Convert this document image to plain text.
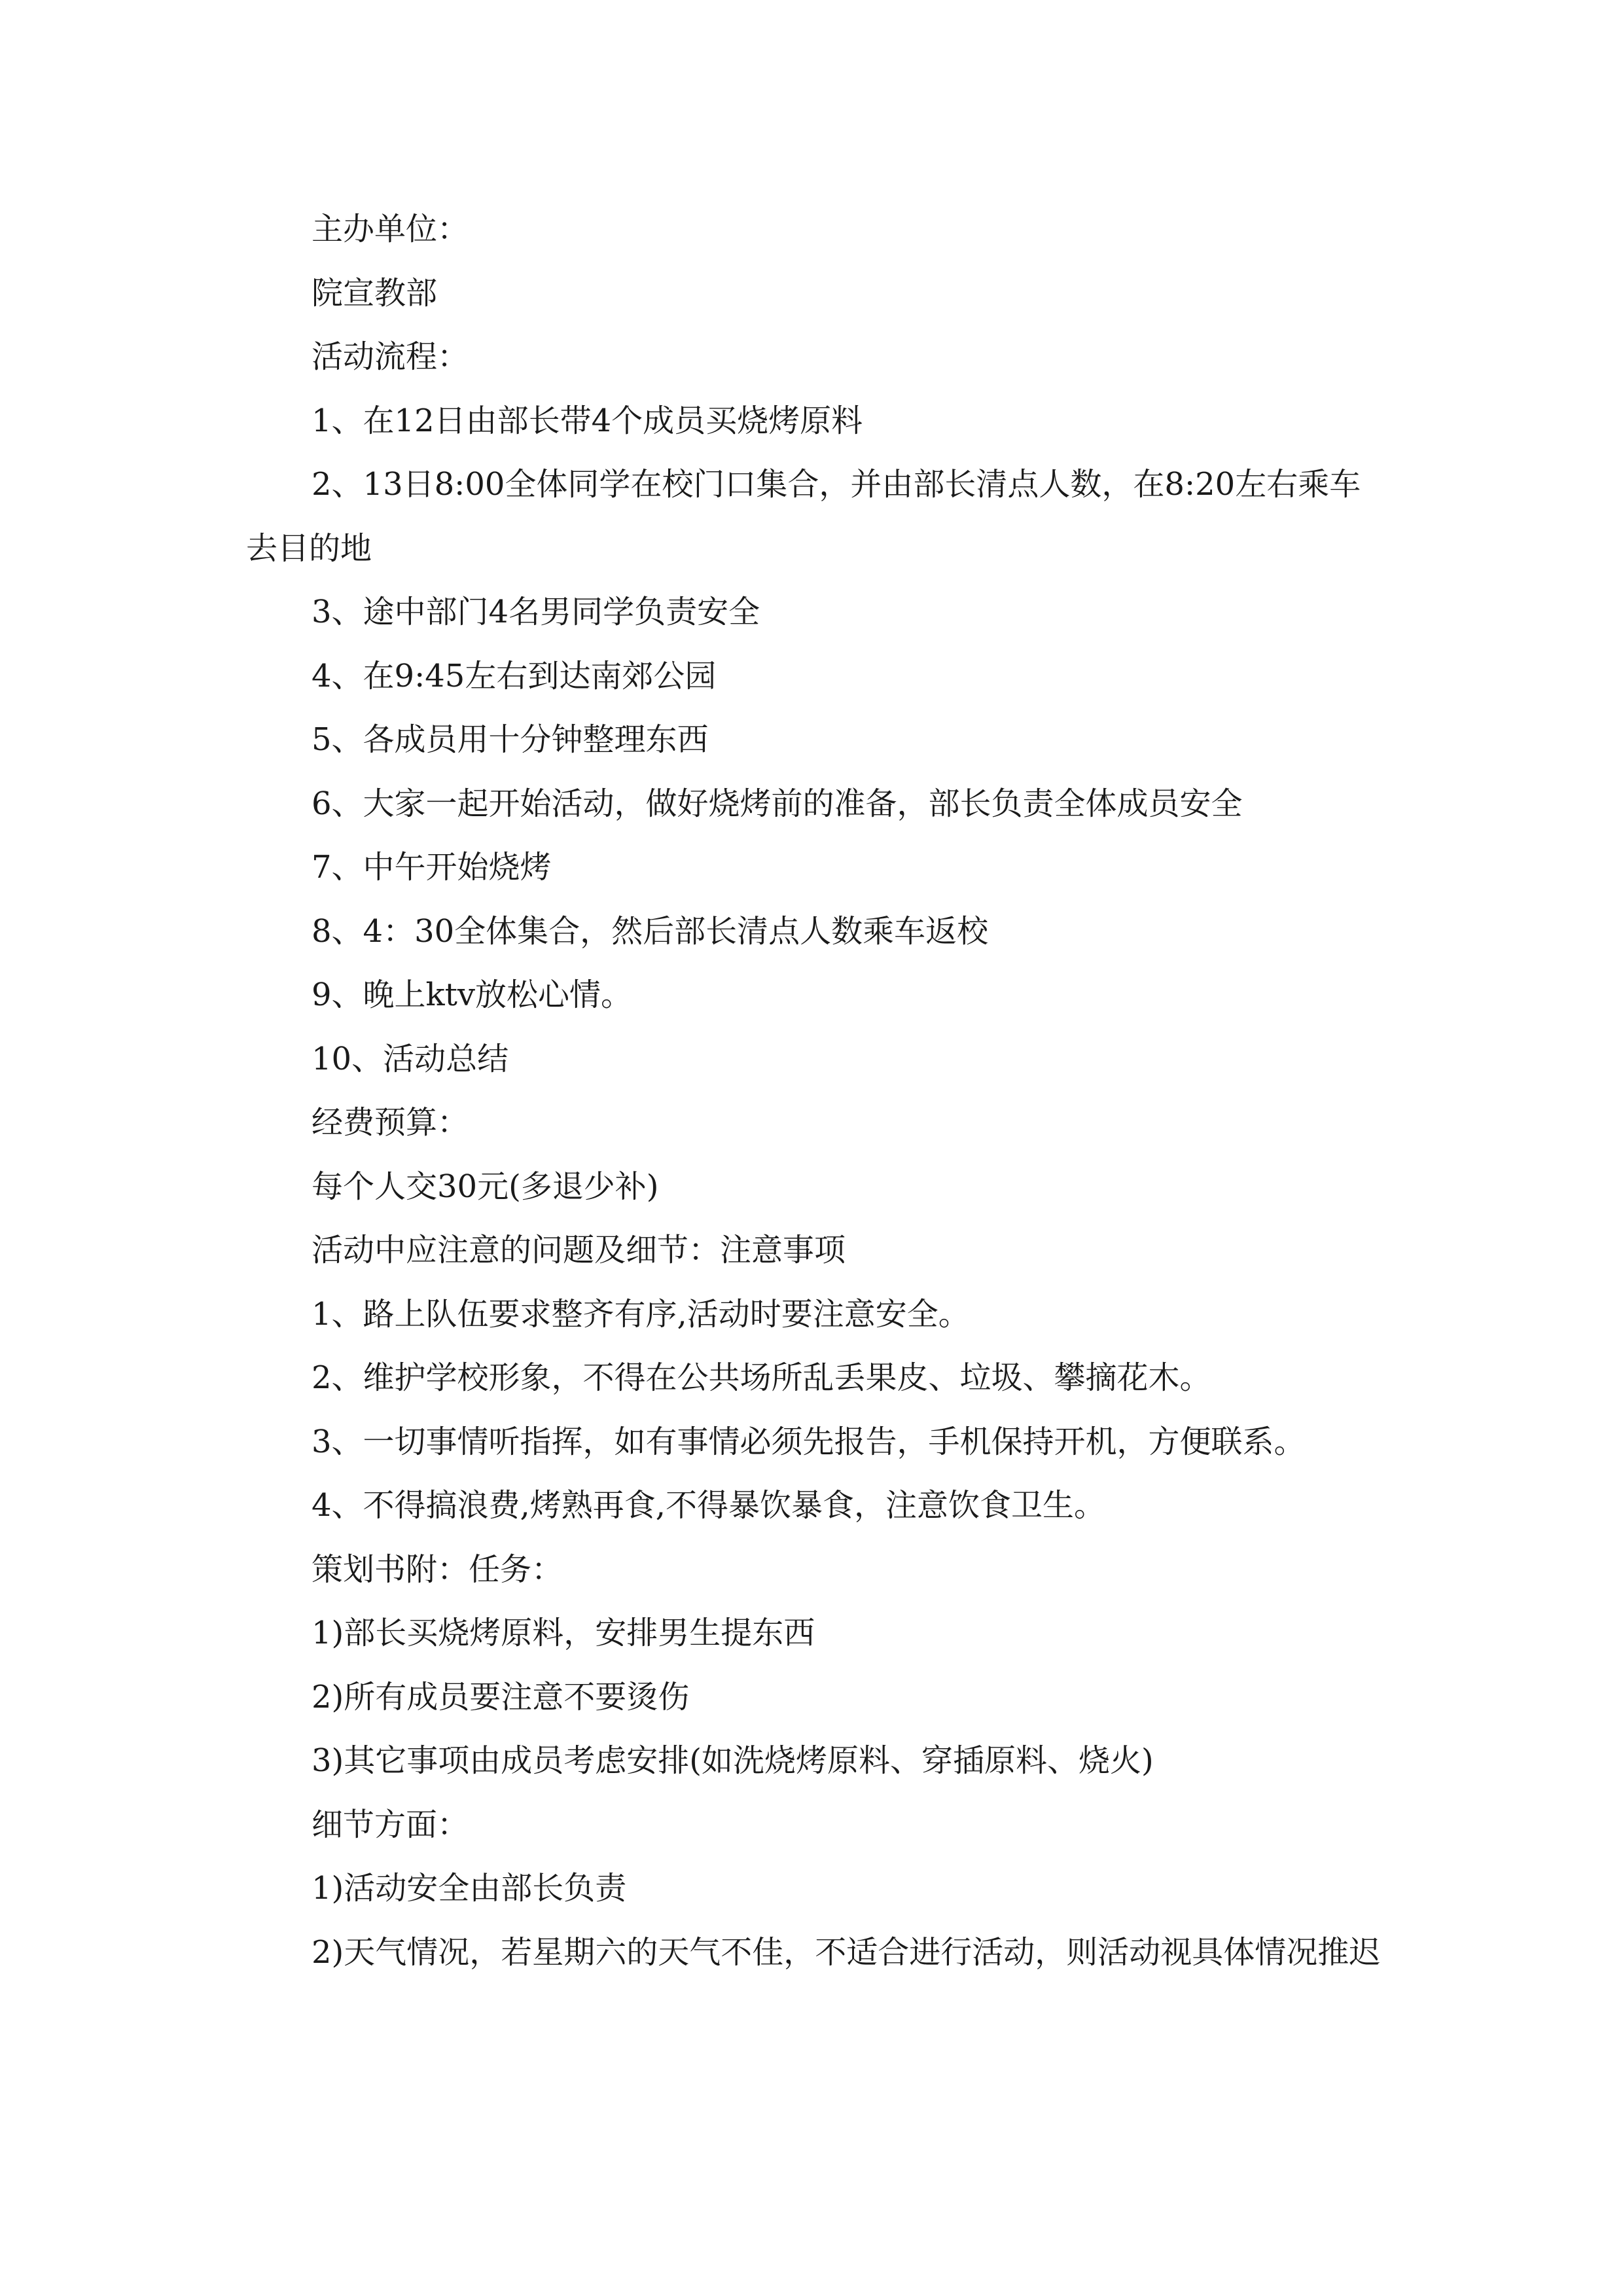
主办单位：

院宣教部

活动流程：

1、在12日由部长带4个成员买烧烤原料

2、13日8:00全体同学在校门口集合，并由部长清点人数，在8:20左右乘车去目的地

3、途中部门4名男同学负责安全

4、在9:45左右到达南郊公园

5、各成员用十分钟整理东西

6、大家一起开始活动，做好烧烤前的准备，部长负责全体成员安全

7、中午开始烧烤

8、4：30全体集合，然后部长清点人数乘车返校

9、晚上ktv放松心情。

10、活动总结

经费预算：

每个人交30元(多退少补)

活动中应注意的问题及细节：注意事项

1、路上队伍要求整齐有序,活动时要注意安全。

2、维护学校形象，不得在公共场所乱丢果皮、垃圾、攀摘花木。

3、一切事情听指挥，如有事情必须先报告，手机保持开机，方便联系。

4、不得搞浪费,烤熟再食,不得暴饮暴食，注意饮食卫生。

策划书附：任务：

1)部长买烧烤原料，安排男生提东西

2)所有成员要注意不要烫伤

3)其它事项由成员考虑安排(如洗烧烤原料、穿插原料、烧火)

细节方面：

1)活动安全由部长负责

2)天气情况，若星期六的天气不佳，不适合进行活动，则活动视具体情况推迟
